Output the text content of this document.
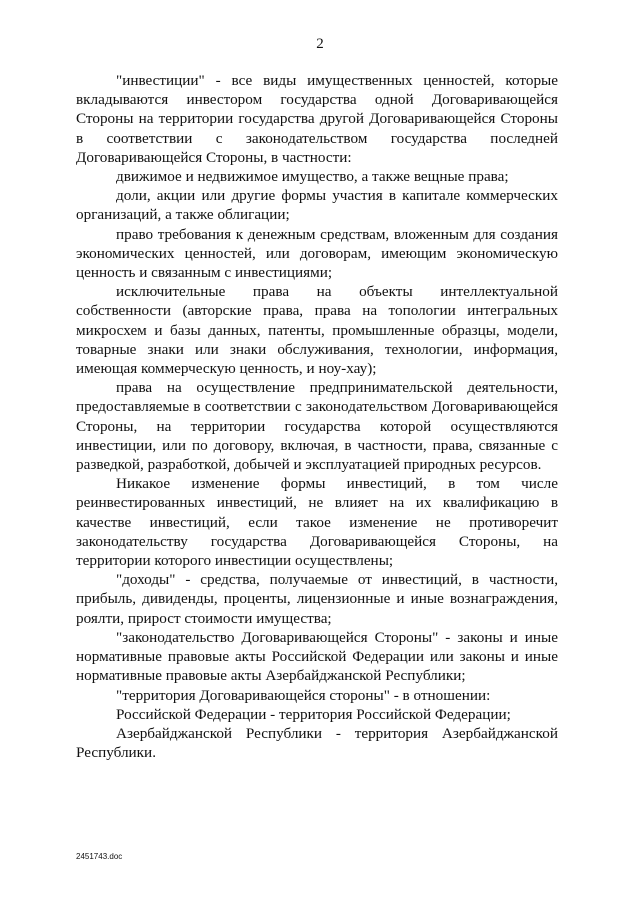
2

"инвестиции" - все виды имущественных ценностей, которые вкладываются инвестором государства одной Договаривающейся Стороны на территории государства другой Договаривающейся Стороны в соответствии с законодательством государства последней Договаривающейся Стороны, в частности:

движимое и недвижимое имущество, а также вещные права;

доли, акции или другие формы участия в капитале коммерческих организаций, а также облигации;

право требования к денежным средствам, вложенным для создания экономических ценностей, или договорам, имеющим экономическую ценность и связанным с инвестициями;

исключительные права на объекты интеллектуальной собственности (авторские права, права на топологии интегральных микросхем и базы данных, патенты, промышленные образцы, модели, товарные знаки или знаки обслуживания, технологии, информация, имеющая коммерческую ценность, и ноу-хау);

права на осуществление предпринимательской деятельности, предоставляемые в соответствии с законодательством Договаривающейся Стороны, на территории государства которой осуществляются инвестиции, или по договору, включая, в частности, права, связанные с разведкой, разработкой, добычей и эксплуатацией природных ресурсов.

Никакое изменение формы инвестиций, в том числе реинвестированных инвестиций, не влияет на их квалификацию в качестве инвестиций, если такое изменение не противоречит законодательству государства Договаривающейся Стороны, на территории которого инвестиции осуществлены;

"доходы" - средства, получаемые от инвестиций, в частности, прибыль, дивиденды, проценты, лицензионные и иные вознаграждения, роялти, прирост стоимости имущества;

"законодательство Договаривающейся Стороны" - законы и иные нормативные правовые акты Российской Федерации или законы и иные нормативные правовые акты Азербайджанской Республики;

"территория Договаривающейся стороны" - в отношении:

Российской Федерации - территория Российской Федерации;

Азербайджанской Республики - территория Азербайджанской Республики.

2451743.doc
